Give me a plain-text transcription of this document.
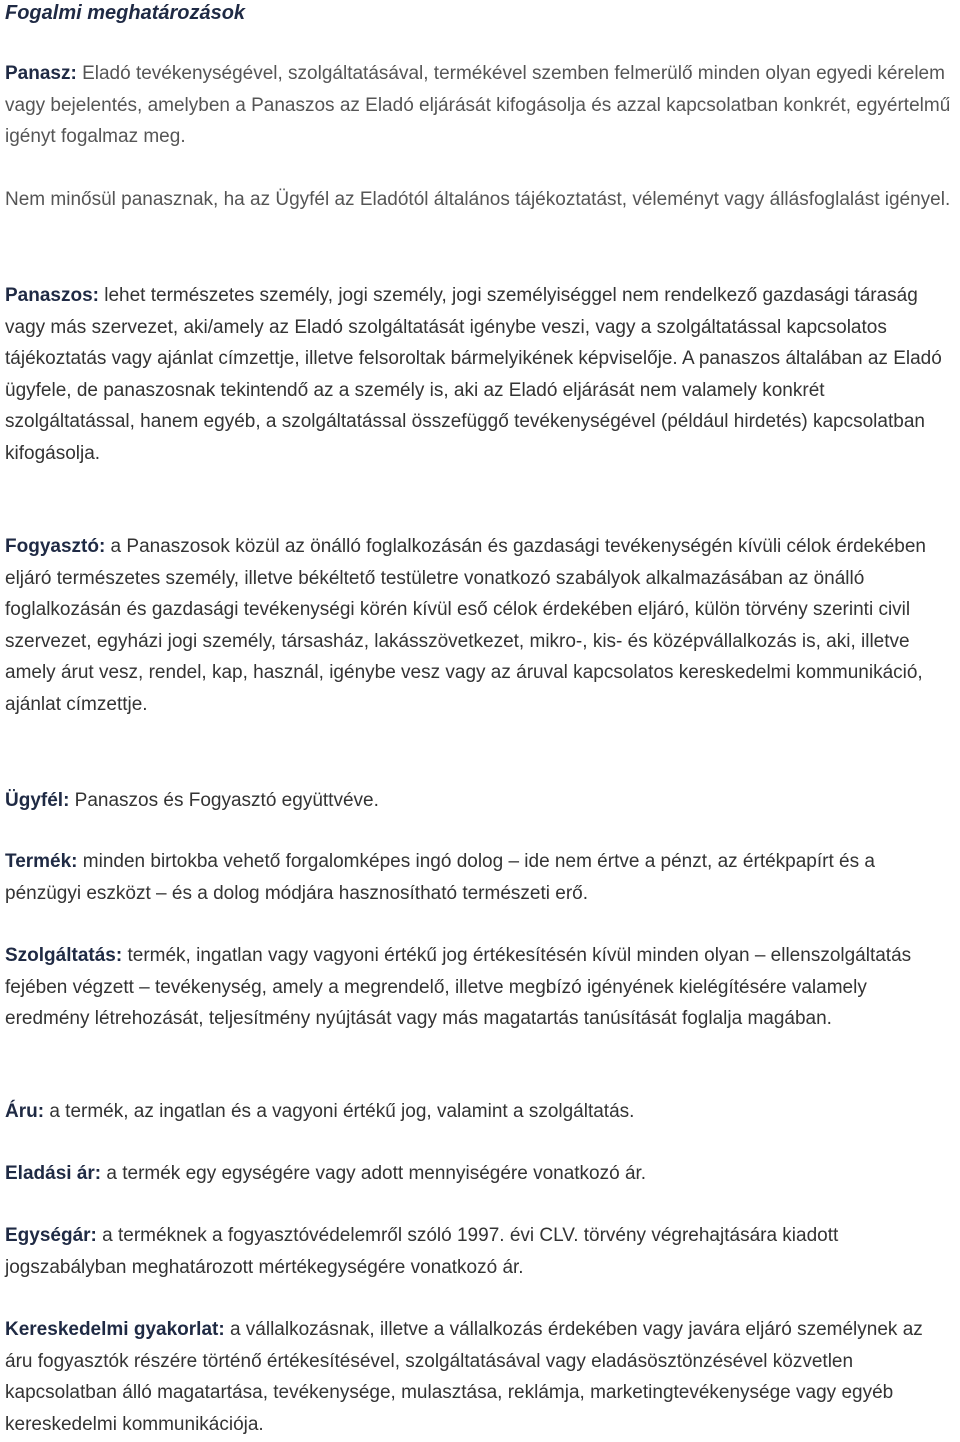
Fogalmi meghatározások

Panasz: Eladó tevékenységével, szolgáltatásával, termékével szemben felmerülő minden olyan egyedi kérelem vagy bejelentés, amelyben a Panaszos az Eladó eljárását kifogásolja és azzal kapcsolatban konkrét, egyértelmű igényt fogalmaz meg.

Nem minősül panasznak, ha az Ügyfél az Eladótól általános tájékoztatást, véleményt vagy állásfoglalást igényel.

Panaszos: lehet természetes személy, jogi személy, jogi személyiséggel nem rendelkező gazdasági táraság vagy más szervezet, aki/amely az Eladó szolgáltatását igénybe veszi, vagy a szolgáltatással kapcsolatos tájékoztatás vagy ajánlat címzettje, illetve felsoroltak bármelyikének képviselője. A panaszos általában az Eladó ügyfele, de panaszosnak tekintendő az a személy is, aki az Eladó eljárását nem valamely konkrét szolgáltatással, hanem egyéb, a szolgáltatással összefüggő tevékenységével (például hirdetés) kapcsolatban kifogásolja.

Fogyasztó: a Panaszosok közül az önálló foglalkozásán és gazdasági tevékenységén kívüli célok érdekében eljáró természetes személy, illetve békéltető testületre vonatkozó szabályok alkalmazásában az önálló foglalkozásán és gazdasági tevékenységi körén kívül eső célok érdekében eljáró, külön törvény szerinti civil szervezet, egyházi jogi személy, társasház, lakásszövetkezet, mikro-, kis- és középvállalkozás is, aki, illetve amely árut vesz, rendel, kap, használ, igénybe vesz vagy az áruval kapcsolatos kereskedelmi kommunikáció, ajánlat címzettje.

Ügyfél: Panaszos és Fogyasztó együttvéve.

Termék: minden birtokba vehető forgalomképes ingó dolog – ide nem értve a pénzt, az értékpapírt és a pénzügyi eszközt – és a dolog módjára hasznosítható természeti erő.

Szolgáltatás: termék, ingatlan vagy vagyoni értékű jog értékesítésén kívül minden olyan – ellenszolgáltatás fejében végzett – tevékenység, amely a megrendelő, illetve megbízó igényének kielégítésére valamely eredmény létrehozását, teljesítmény nyújtását vagy más magatartás tanúsítását foglalja magában.

Áru: a termék, az ingatlan és a vagyoni értékű jog, valamint a szolgáltatás.

Eladási ár: a termék egy egységére vagy adott mennyiségére vonatkozó ár.

Egységár: a terméknek a fogyasztóvédelemről szóló 1997. évi CLV. törvény végrehajtására kiadott jogszabályban meghatározott mértékegységére vonatkozó ár.

Kereskedelmi gyakorlat: a vállalkozásnak, illetve a vállalkozás érdekében vagy javára eljáró személynek az áru fogyasztók részére történő értékesítésével, szolgáltatásával vagy eladásösztönzésével közvetlen kapcsolatban álló magatartása, tevékenysége, mulasztása, reklámja, marketingtevékenysége vagy egyéb kereskedelmi kommunikációja.
